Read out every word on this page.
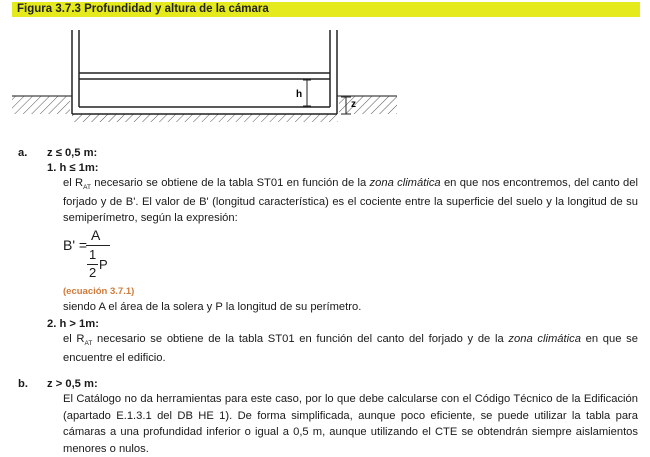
Figura 3.7.3 Profundidad y altura de la cámara
h
z
a. z ≤ 0,5 m:
1. h ≤ 1m:
el $R_{AT}$ necesario se obtiene de la tabla ST01 en función de la zona climática en que nos encontremos, del canto del forjado y de B'. El valor de B' (longitud característica) es el cociente entre la superficie del suelo y la longitud de su semiperímetro, según la expresión:
B' =
A
1
2
P
(ecuación 3.7.1)
siendo A el área de la solera y P la longitud de su perímetro.
2. h > 1m:
el $R_{AT}$ necesario se obtiene de la tabla ST01 en función del canto del forjado y de la zona climática en que se encuentre el edificio.
b. z > 0,5 m:
El Catálogo no da herramientas para este caso, por lo que debe calcularse con el Código Técnico de la Edificación (apartado E.1.3.1 del DB HE 1). De forma simplificada, aunque poco eficiente, se puede utilizar la tabla para cámaras a una profundidad inferior o igual a 0,5 m, aunque utilizando el CTE se obtendrán siempre aislamientos menores o nulos.
